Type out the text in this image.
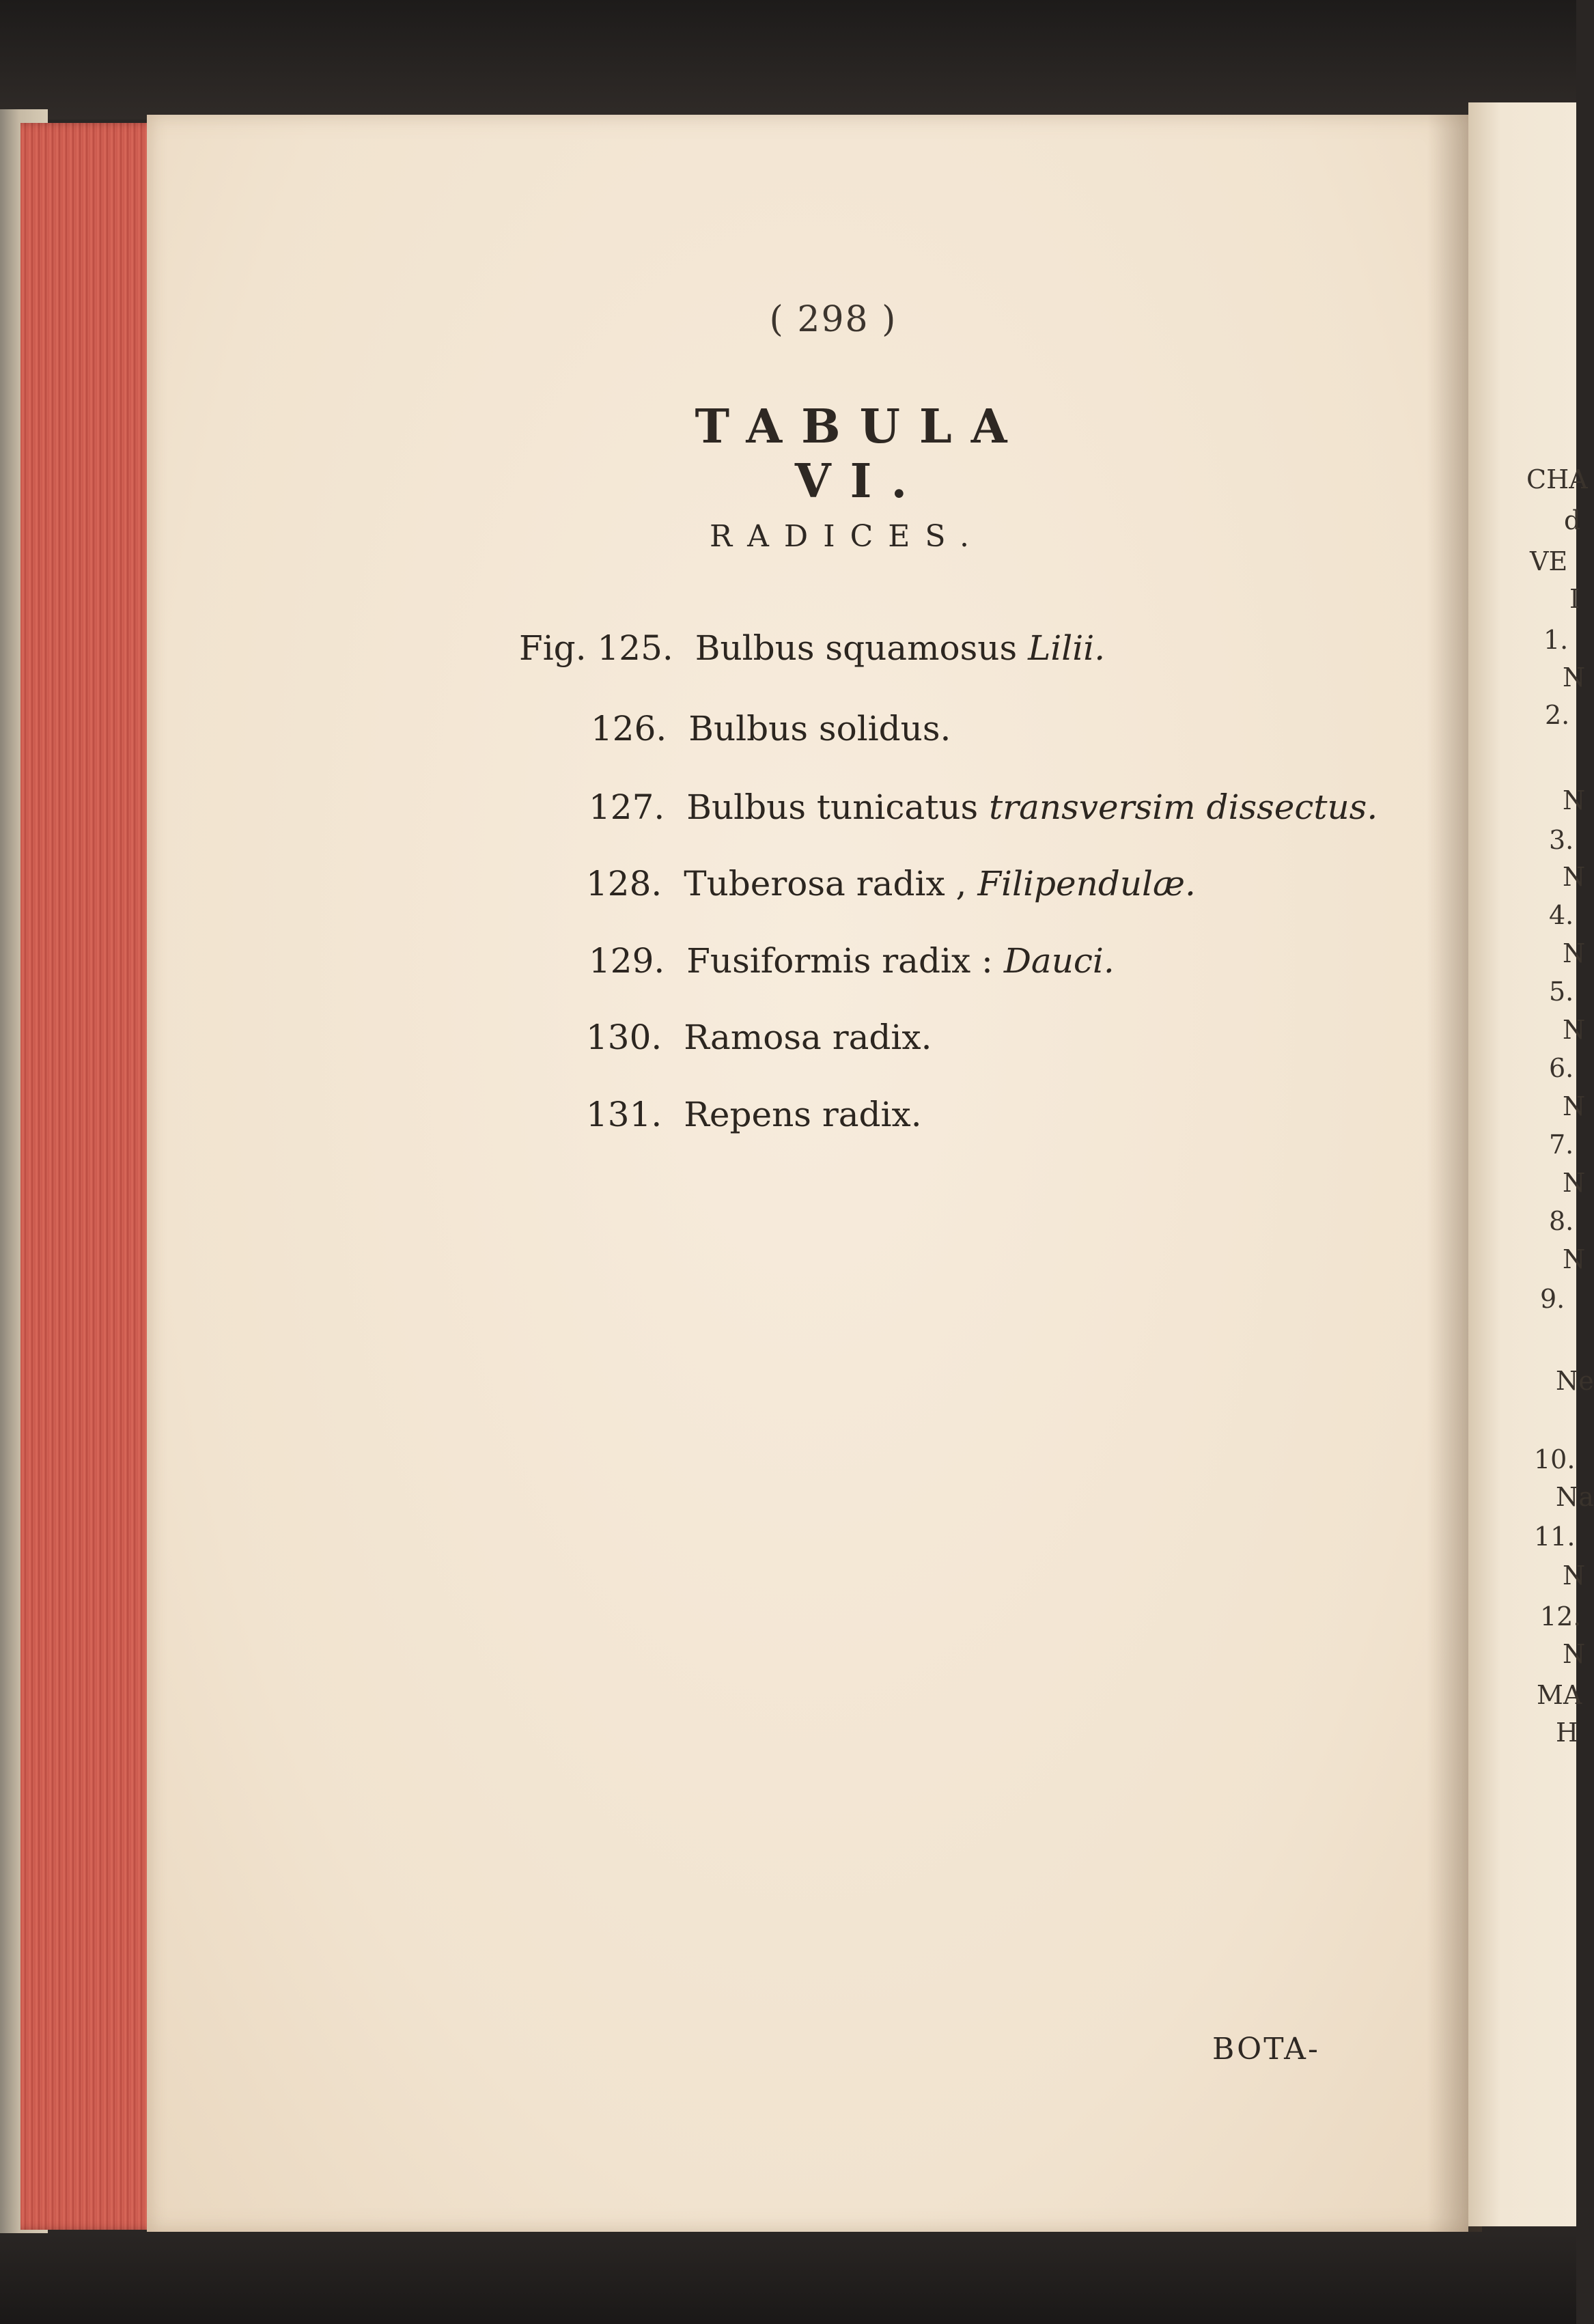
( 298 )
TABULA VI.
RADICES.
Fig. 125. Bulbus squamosus Lilii.
126. Bulbus solidus.
127. Bulbus tunicatus transversim dissectus.
128. Tuberosa radix , Filipendulæ.
129. Fusiformis radix : Dauci.
130. Ramosa radix.
131. Repens radix.
BOTA-
CHA
d
VE
I
1.
N
2.
N
3.
N
4.
N
5.
N
6.
N
7.
N
8.
N
9.
Ne
10.
Na
11.
N
12.
N
MA
H
